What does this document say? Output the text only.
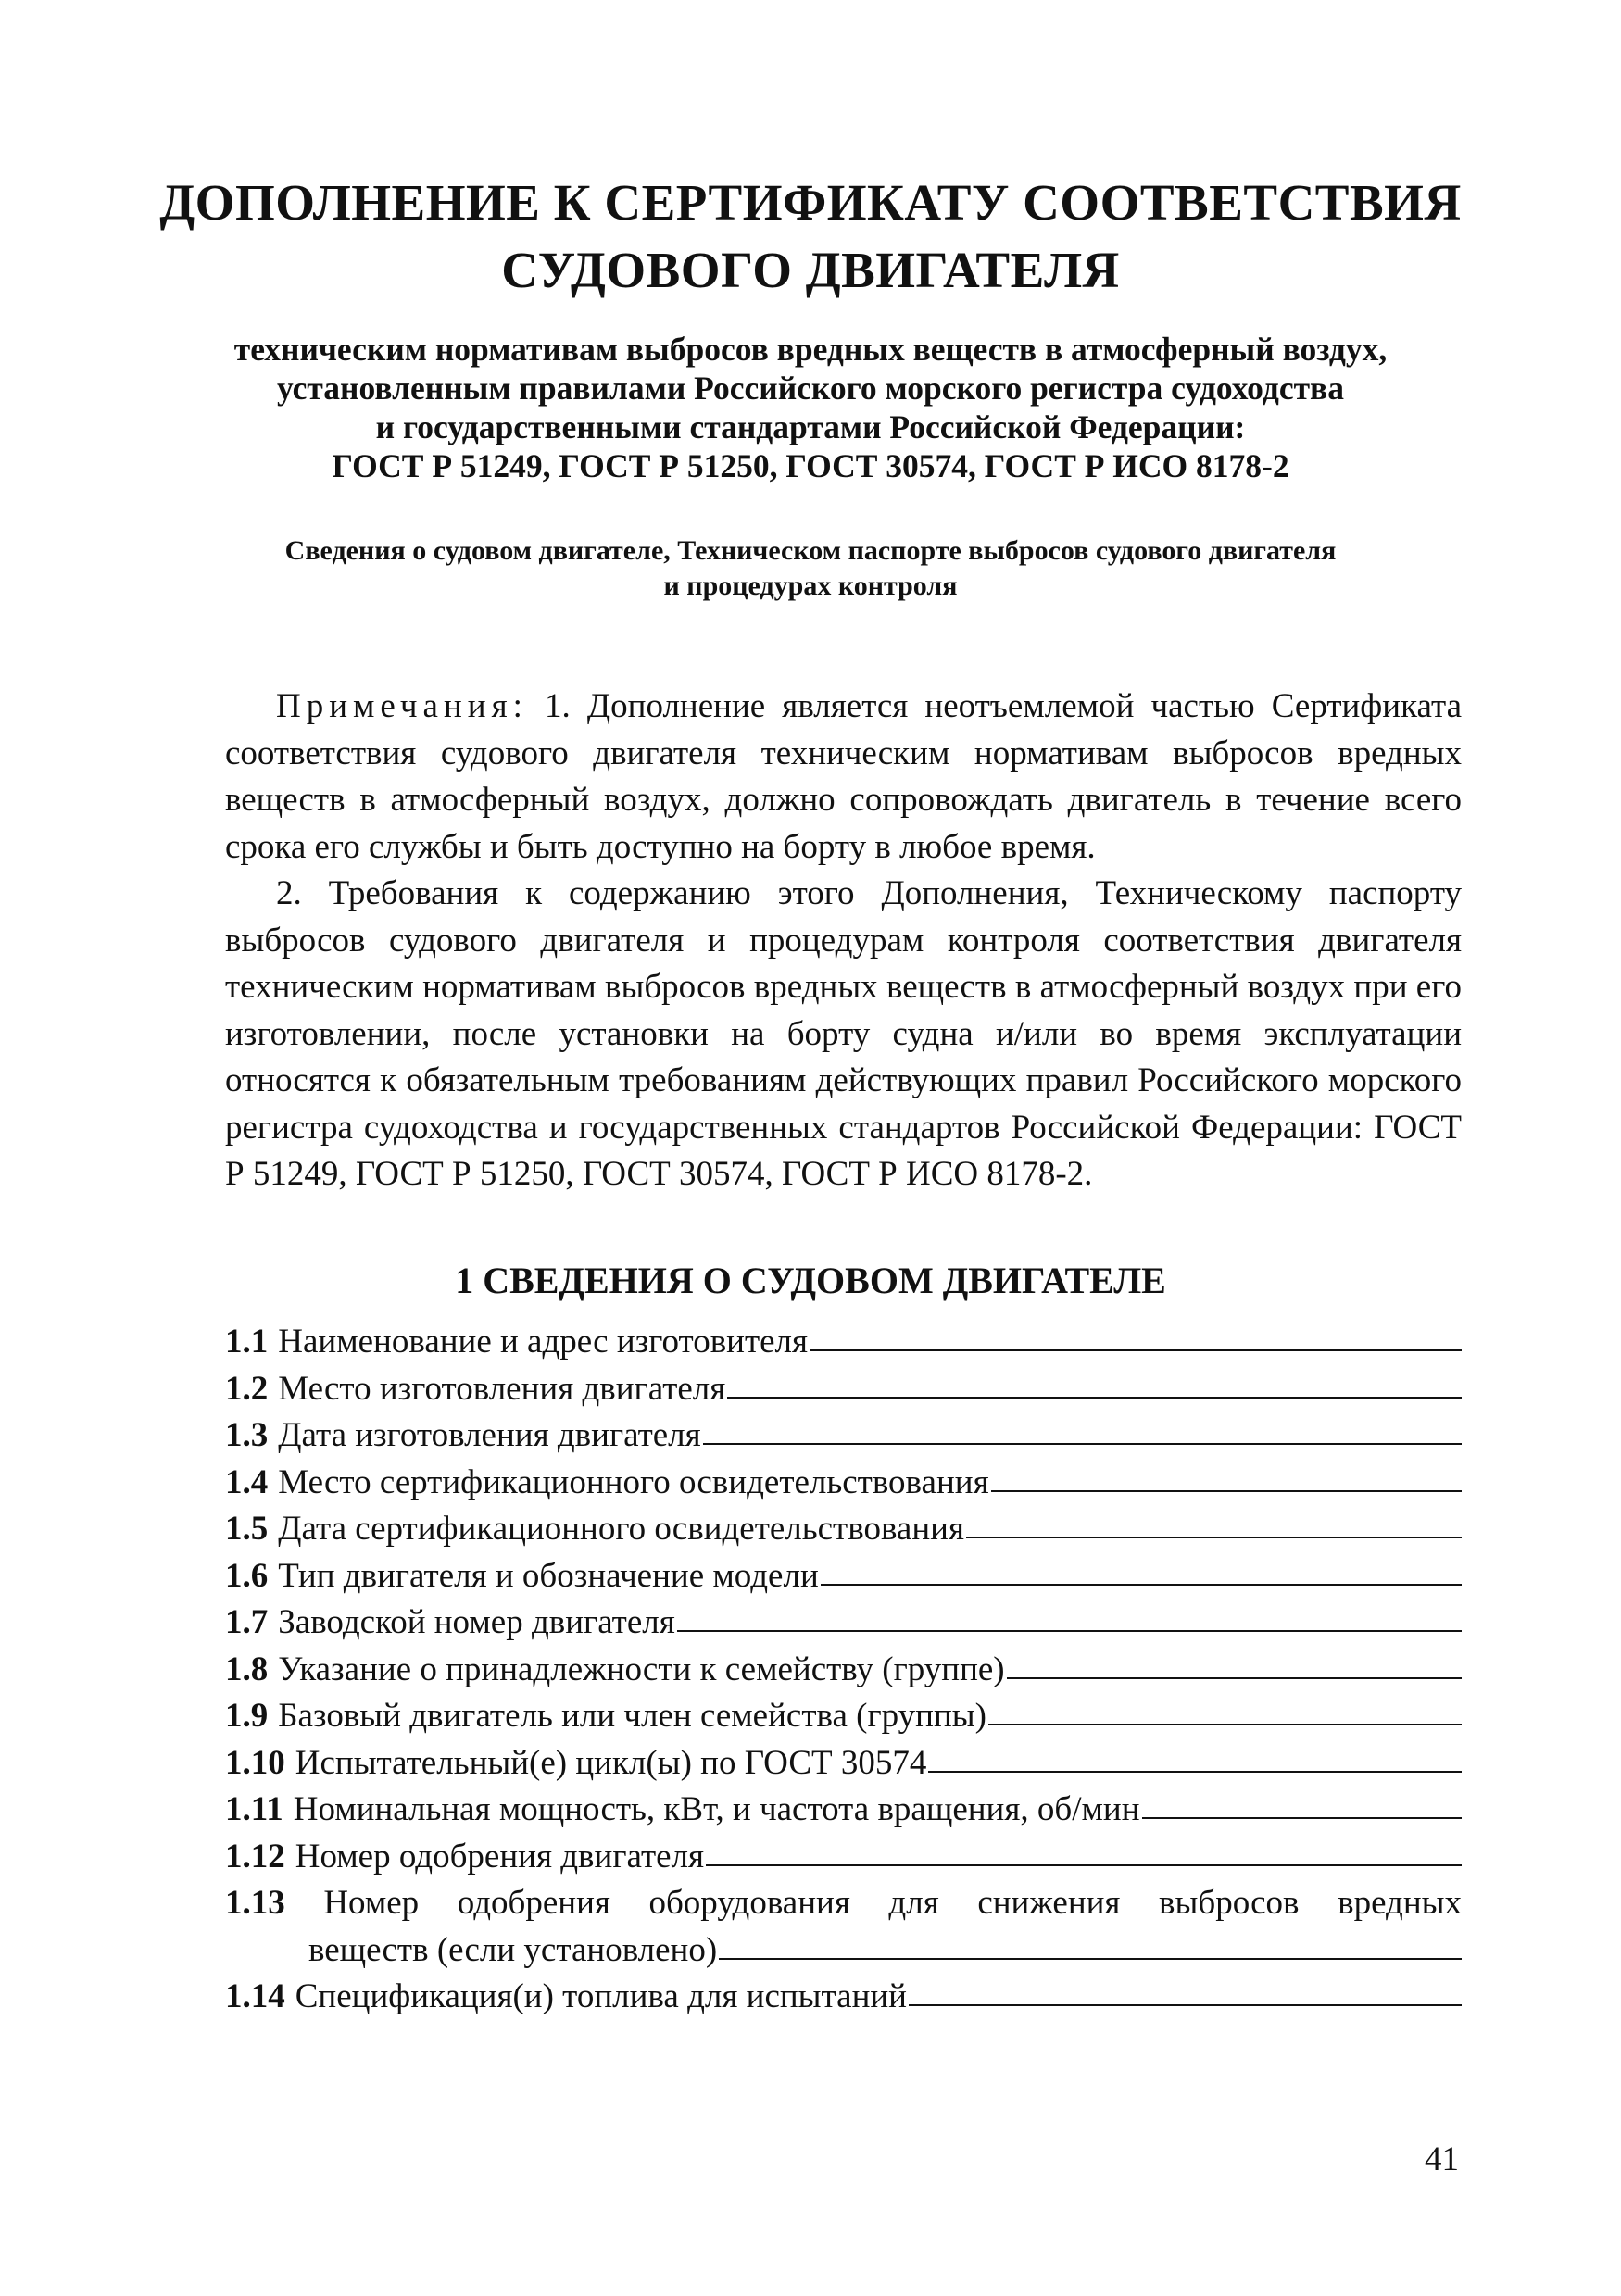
ДОПОЛНЕНИЕ К СЕРТИФИКАТУ СООТВЕТСТВИЯ
СУДОВОГО ДВИГАТЕЛЯ
техническим нормативам выбросов вредных веществ в атмосферный воздух,
установленным правилами Российского морского регистра судоходства
и государственными стандартами Российской Федерации:
ГОСТ Р 51249, ГОСТ Р 51250, ГОСТ 30574, ГОСТ Р ИСО 8178-2
Сведения о судовом двигателе, Техническом паспорте выбросов судового двигателя
и процедурах контроля

Примечания: 1. Дополнение является неотъемлемой частью Сертификата соответствия судового двигателя техническим нормативам выбросов вредных веществ в атмосферный воздух, должно сопровождать двигатель в течение всего срока его службы и быть доступно на борту в любое время.

2. Требования к содержанию этого Дополнения, Техническому паспорту выбросов судового двигателя и процедурам контроля соответствия двигателя техническим нормативам выбросов вредных веществ в атмосферный воздух при его изготовлении, после установки на борту судна и/или во время эксплуатации относятся к обязательным требованиям действующих правил Российского морского регистра судоходства и государственных стандартов Российской Федерации: ГОСТ Р 51249, ГОСТ Р 51250, ГОСТ 30574, ГОСТ Р ИСО 8178-2.

1 СВЕДЕНИЯ О СУДОВОМ ДВИГАТЕЛЕ
1.1 Наименование и адрес изготовителя
1.2 Место изготовления двигателя
1.3 Дата изготовления двигателя
1.4 Место сертификационного освидетельствования
1.5 Дата сертификационного освидетельствования
1.6 Тип двигателя и обозначение модели
1.7 Заводской номер двигателя
1.8 Указание о принадлежности к семейству (группе)
1.9 Базовый двигатель или член семейства (группы)
1.10 Испытательный(е) цикл(ы) по ГОСТ 30574
1.11 Номинальная мощность, кВт, и частота вращения, об/мин
1.12 Номер одобрения двигателя
1.13 Номер одобрения оборудования для снижения выбросов вредных
веществ (если установлено)
1.14 Спецификация(и) топлива для испытаний
41
